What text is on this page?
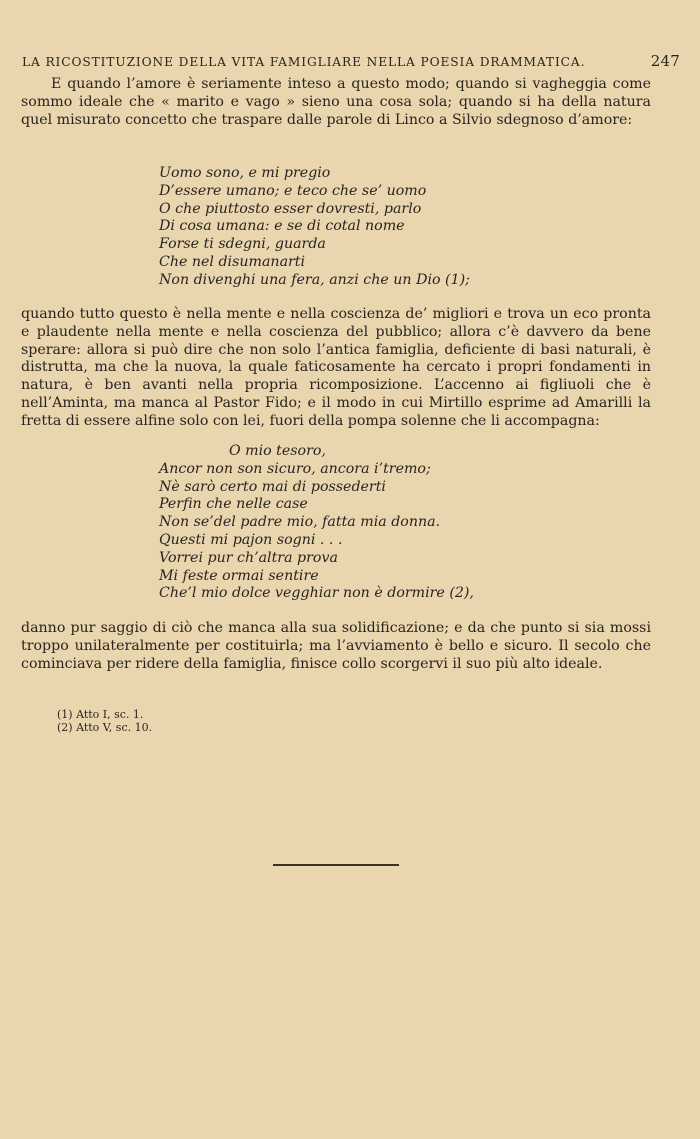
LA RICOSTITUZIONE DELLA VITA FAMIGLIARE NELLA POESIA DRAMMATICA.	247

E quando l’amore è seriamente inteso a questo modo; quando si vagheggia come sommo ideale che « marito e vago » sieno una cosa sola; quando si ha della natura quel misurato concetto che traspare dalle parole di Linco a Silvio sdegnoso d’amore:

Uomo sono, e mi pregio
D’essere umano; e teco che se’ uomo
O che piuttosto esser dovresti, parlo
Di cosa umana: e se di cotal nome
Forse ti sdegni, guarda
Che nel disumanarti
Non divenghi una fera, anzi che un Dio (1);

quando tutto questo è nella mente e nella coscienza de’ migliori e trova un eco pronta e plaudente nella mente e nella coscienza del pubblico; allora c’è davvero da bene sperare: allora si può dire che non solo l’antica famiglia, deficiente di basi naturali, è distrutta, ma che la nuova, la quale faticosamente ha cercato i propri fondamenti in natura, è ben avanti nella propria ricomposizione. L’accenno ai figliuoli che è nell’Aminta, ma manca al Pastor Fido; e il modo in cui Mirtillo esprime ad Amarilli la fretta di essere alfine solo con lei, fuori della pompa solenne che li accompagna:

O mio tesoro,
Ancor non son sicuro, ancora i’tremo;
Nè sarò certo mai di possederti
Perfin che nelle case
Non se’del padre mio, fatta mia donna.
Questi mi pajon sogni . . .
Vorrei pur ch’altra prova
Mi feste ormai sentire
Che’l mio dolce vegghiar non è dormire (2),

danno pur saggio di ciò che manca alla sua solidificazione; e da che punto si sia mossi troppo unilateralmente per costituirla; ma l’avviamento è bello e sicuro. Il secolo che cominciava per ridere della famiglia, finisce collo scorgervi il suo più alto ideale.

(1) Atto I, sc. 1.
(2) Atto V, sc. 10.
